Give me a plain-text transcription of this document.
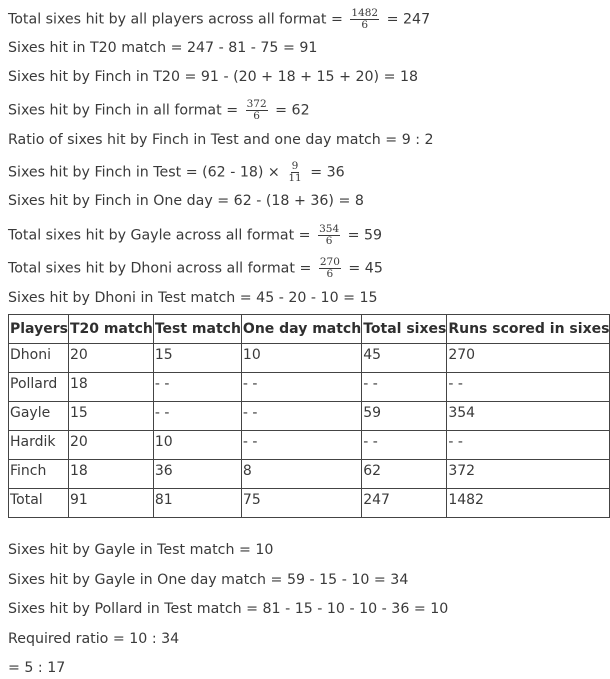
Total sixes hit by all players across all format = $\frac{1482}{6} = 247$
Sixes hit in T20 match = 247 - 81 - 75 = 91
Sixes hit by Finch in T20 = 91 - (20 + 18 + 15 + 20) = 18
Sixes hit by Finch in all format = $\frac{372}{6} = 62$
Ratio of sixes hit by Finch in Test and one day match = 9 : 2
Sixes hit by Finch in Test = $(62 - 18) \times \frac{9}{11} = 36$
Sixes hit by Finch in One day = 62 - (18 + 36) = 8
Total sixes hit by Gayle across all format = $\frac{354}{6} = 59$
Total sixes hit by Dhoni across all format = $\frac{270}{6} = 45$
Sixes hit by Dhoni in Test match = 45 - 20 - 10 = 15
Players	T20 match	Test match	One day match	Total sixes	Runs scored in sixes
Dhoni	20	15	10	45	270
Pollard	18	- -	- -	- -	- -
Gayle	15	- -	- -	59	354
Hardik	20	10	- -	- -	- -
Finch	18	36	8	62	372
Total	91	81	75	247	1482
Sixes hit by Gayle in Test match = 10
Sixes hit by Gayle in One day match = 59 - 15 - 10 = 34
Sixes hit by Pollard in Test match = 81 - 15 - 10 - 10 - 36 = 10
Required ratio = 10 : 34
= 5 : 17
